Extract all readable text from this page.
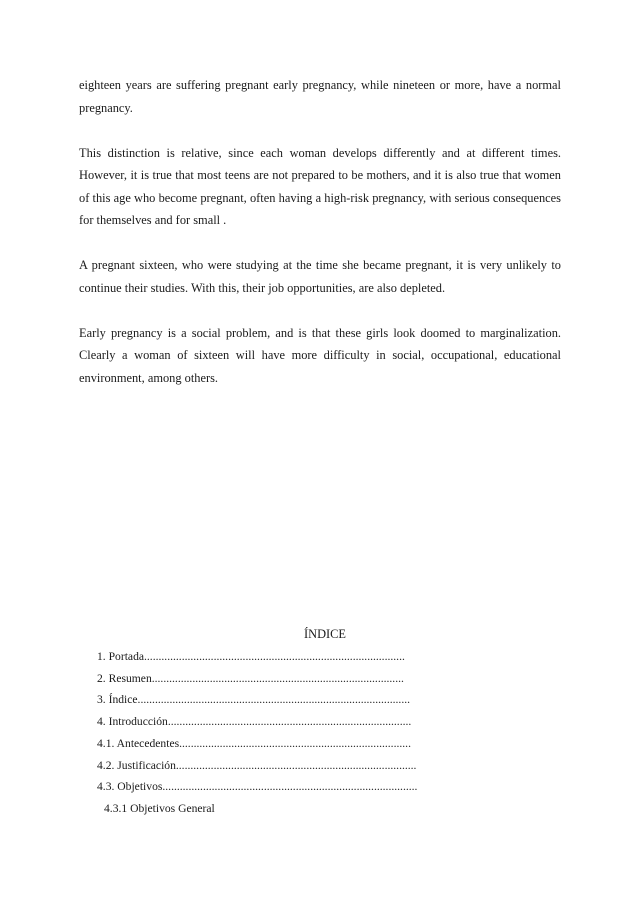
eighteen years are suffering pregnant early pregnancy, while nineteen or more, have a normal pregnancy.

This distinction is relative, since each woman develops differently and at different times. However, it is true that most teens are not prepared to be mothers, and it is also true that women of this age who become pregnant, often having a high-risk pregnancy, with serious consequences for themselves and for small .

A pregnant sixteen, who were studying at the time she became pregnant, it is very unlikely to continue their studies. With this, their job opportunities, are also depleted.

Early pregnancy is a social problem, and is that these girls look doomed to marginalization. Clearly a woman of sixteen will have more difficulty in social, occupational, educational environment, among others.

ÍNDICE
1. Portada..........................................................................................
2. Resumen.......................................................................................
3. Índice..............................................................................................
4. Introducción....................................................................................
4.1. Antecedentes................................................................................
4.2. Justificación...................................................................................
4.3. Objetivos........................................................................................
4.3.1 Objetivos General
